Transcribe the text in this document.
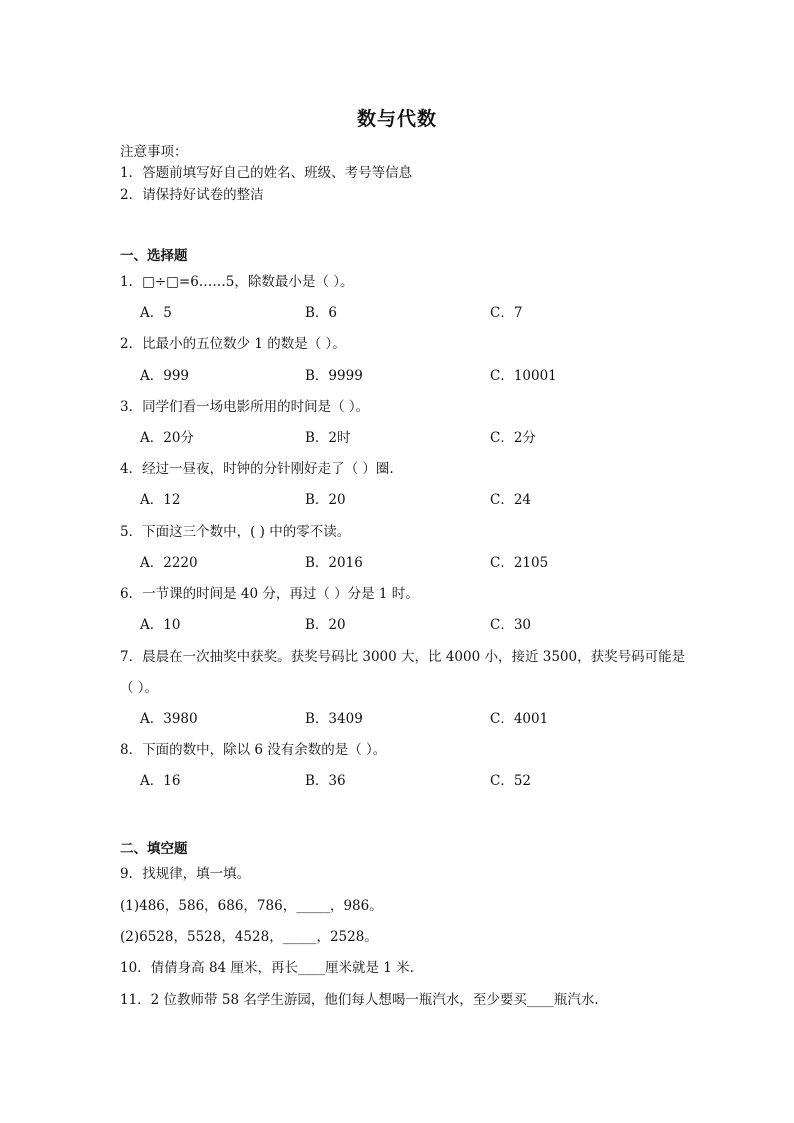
数与代数
注意事项：
1．答题前填写好自己的姓名、班级、考号等信息
2．请保持好试卷的整洁
一、选择题
1．□÷□=6……5，除数最小是（ ）。
A．5	B．6	C．7
2．比最小的五位数少 1 的数是（ ）。
A．999	B．9999	C．10001
3．同学们看一场电影所用的时间是（ ）。
A．20分	B．2时	C．2分
4．经过一昼夜，时钟的分针刚好走了（ ）圈.
A．12	B．20	C．24
5．下面这三个数中，( ) 中的零不读。
A．2220	B．2016	C．2105
6．一节课的时间是 40 分，再过（ ）分是 1 时。
A．10	B．20	C．30
7．晨晨在一次抽奖中获奖。获奖号码比 3000 大，比 4000 小，接近 3500，获奖号码可能是
（ ）。
A．3980	B．3409	C．4001
8．下面的数中，除以 6 没有余数的是（ ）。
A．16	B．36	C．52
二、填空题
9．找规律，填一填。
(1)486，586，686，786，_____，986。
(2)6528，5528，4528，_____，2528。
10．倩倩身高 84 厘米，再长____厘米就是 1 米.
11．2 位教师带 58 名学生游园，他们每人想喝一瓶汽水，至少要买____瓶汽水.
